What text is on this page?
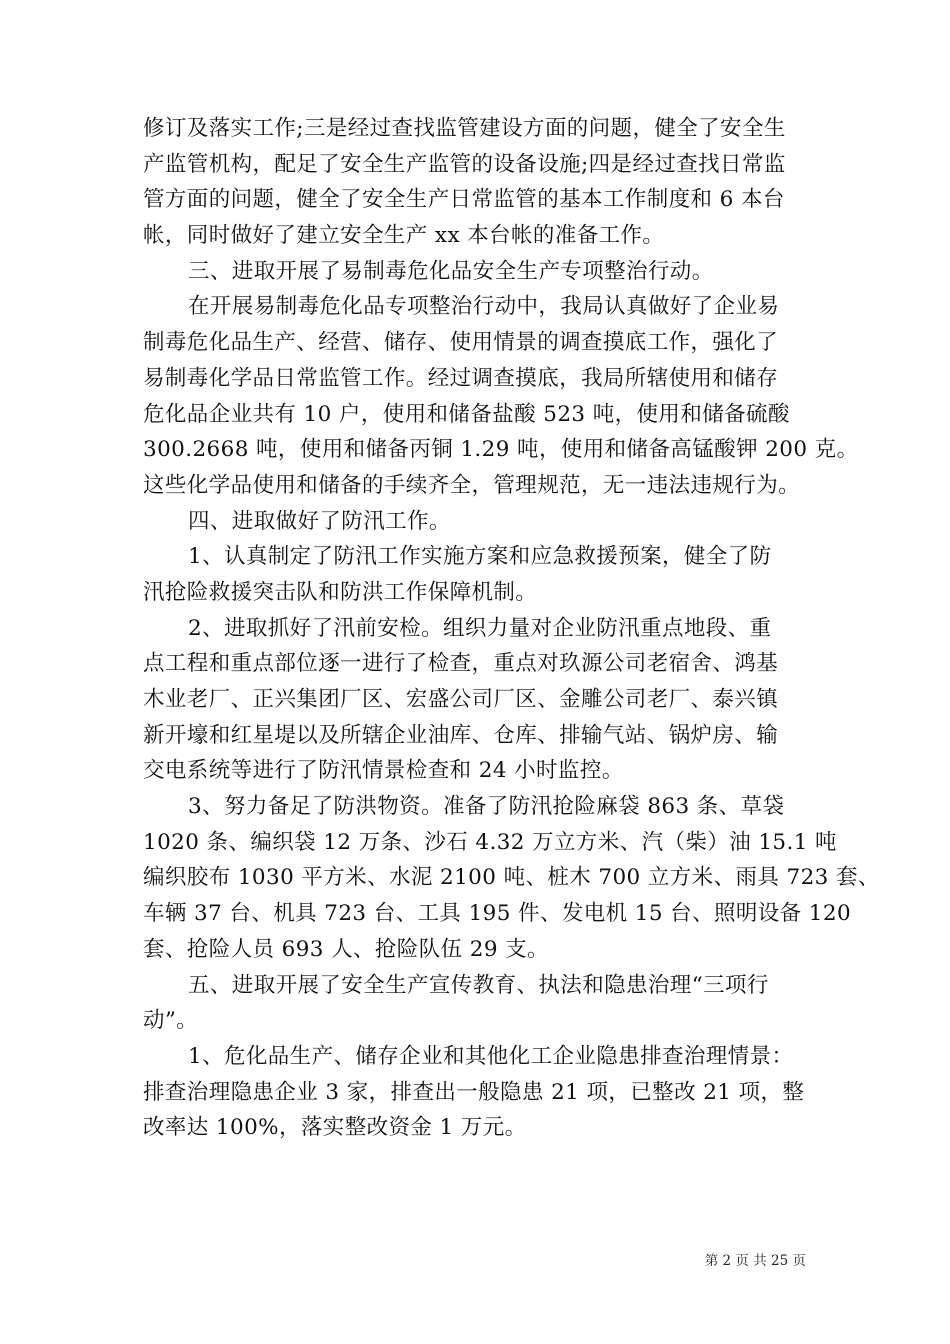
修订及落实工作;三是经过查找监管建设方面的问题，健全了安全生
产监管机构，配足了安全生产监管的设备设施;四是经过查找日常监
管方面的问题，健全了安全生产日常监管的基本工作制度和 6 本台
帐，同时做好了建立安全生产 xx 本台帐的准备工作。
三、进取开展了易制毒危化品安全生产专项整治行动。
在开展易制毒危化品专项整治行动中，我局认真做好了企业易
制毒危化品生产、经营、储存、使用情景的调查摸底工作，强化了
易制毒化学品日常监管工作。经过调查摸底，我局所辖使用和储存
危化品企业共有 10 户，使用和储备盐酸 523 吨，使用和储备硫酸
300.2668 吨，使用和储备丙铜 1.29 吨，使用和储备高锰酸钾 200 克。
这些化学品使用和储备的手续齐全，管理规范，无一违法违规行为。
四、进取做好了防汛工作。
1、认真制定了防汛工作实施方案和应急救援预案，健全了防
汛抢险救援突击队和防洪工作保障机制。
2、进取抓好了汛前安检。组织力量对企业防汛重点地段、重
点工程和重点部位逐一进行了检查，重点对玖源公司老宿舍、鸿基
木业老厂、正兴集团厂区、宏盛公司厂区、金雕公司老厂、泰兴镇
新开壕和红星堤以及所辖企业油库、仓库、排输气站、锅炉房、输
交电系统等进行了防汛情景检查和 24 小时监控。
3、努力备足了防洪物资。准备了防汛抢险麻袋 863 条、草袋
1020 条、编织袋 12 万条、沙石 4.32 万立方米、汽（柴）油 15.1 吨
编织胶布 1030 平方米、水泥 2100 吨、桩木 700 立方米、雨具 723 套、
车辆 37 台、机具 723 台、工具 195 件、发电机 15 台、照明设备 120
套、抢险人员 693 人、抢险队伍 29 支。
五、进取开展了安全生产宣传教育、执法和隐患治理“三项行
动”。
1、危化品生产、储存企业和其他化工企业隐患排查治理情景：
排查治理隐患企业 3 家，排查出一般隐患 21 项，已整改 21 项，整
改率达 100%，落实整改资金 1 万元。
第 2 页 共 25 页
